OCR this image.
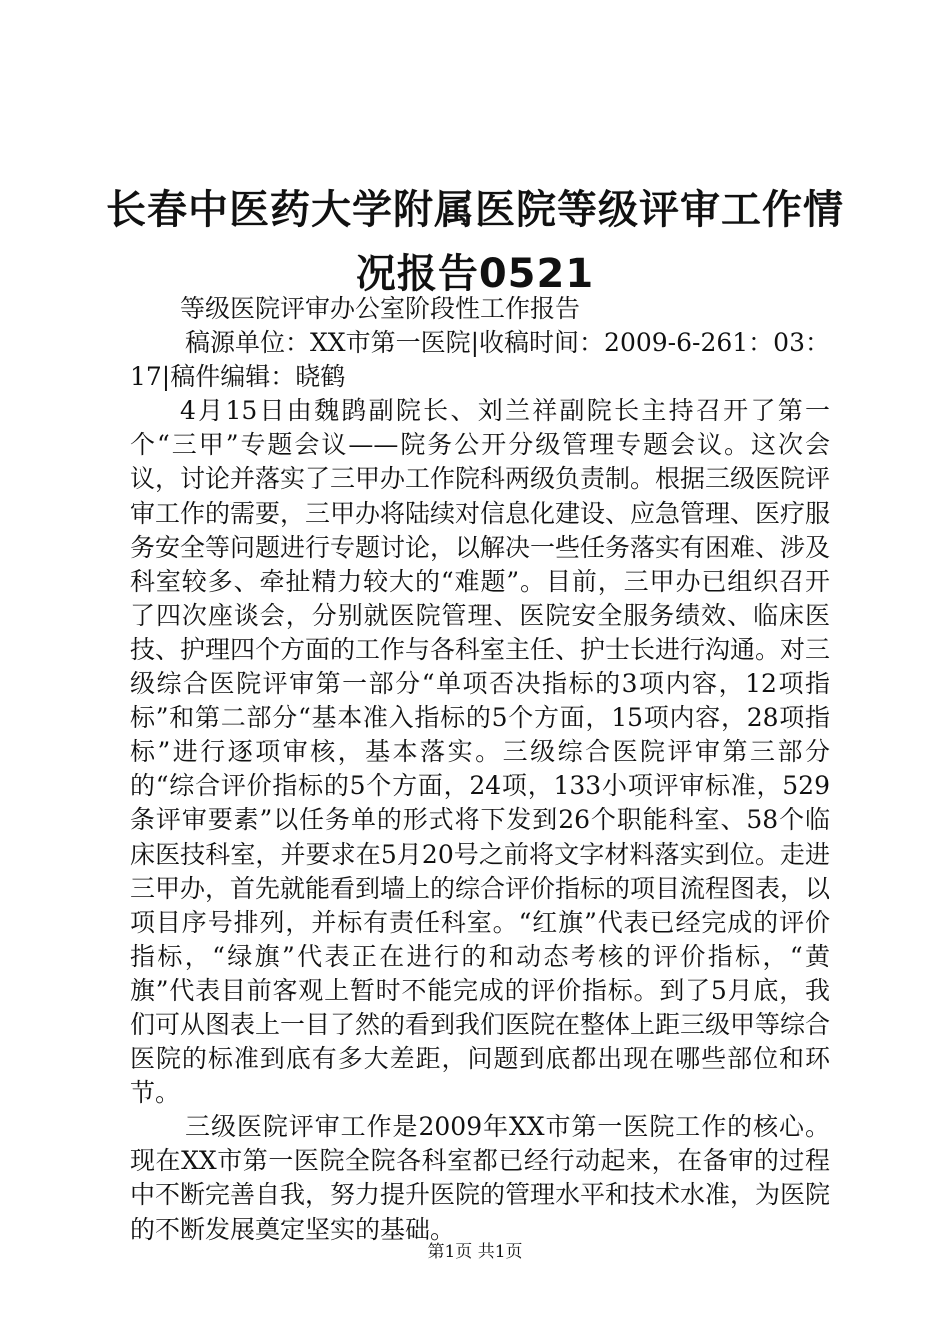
长春中医药大学附属医院等级评审工作情况报告0521

等级医院评审办公室阶段性工作报告

稿源单位：XX市第一医院|收稿时间：2009-6-261：03：17|稿件编辑：晓鹤

4月15日由魏鹍副院长、刘兰祥副院长主持召开了第一个“三甲”专题会议——院务公开分级管理专题会议。这次会议，讨论并落实了三甲办工作院科两级负责制。根据三级医院评审工作的需要，三甲办将陆续对信息化建设、应急管理、医疗服务安全等问题进行专题讨论，以解决一些任务落实有困难、涉及科室较多、牵扯精力较大的“难题”。目前，三甲办已组织召开了四次座谈会，分别就医院管理、医院安全服务绩效、临床医技、护理四个方面的工作与各科室主任、护士长进行沟通。对三级综合医院评审第一部分“单项否决指标的3项内容，12项指标”和第二部分“基本准入指标的5个方面，15项内容，28项指标”进行逐项审核，基本落实。三级综合医院评审第三部分的“综合评价指标的5个方面，24项，133小项评审标准，529条评审要素”以任务单的形式将下发到26个职能科室、58个临床医技科室，并要求在5月20号之前将文字材料落实到位。走进三甲办，首先就能看到墙上的综合评价指标的项目流程图表，以项目序号排列，并标有责任科室。“红旗”代表已经完成的评价指标，“绿旗”代表正在进行的和动态考核的评价指标，“黄旗”代表目前客观上暂时不能完成的评价指标。到了5月底，我们可从图表上一目了然的看到我们医院在整体上距三级甲等综合医院的标准到底有多大差距，问题到底都出现在哪些部位和环节。

三级医院评审工作是2009年XX市第一医院工作的核心。现在XX市第一医院全院各科室都已经行动起来，在备审的过程中不断完善自我，努力提升医院的管理水平和技术水准，为医院的不断发展奠定坚实的基础。

第1页 共1页
